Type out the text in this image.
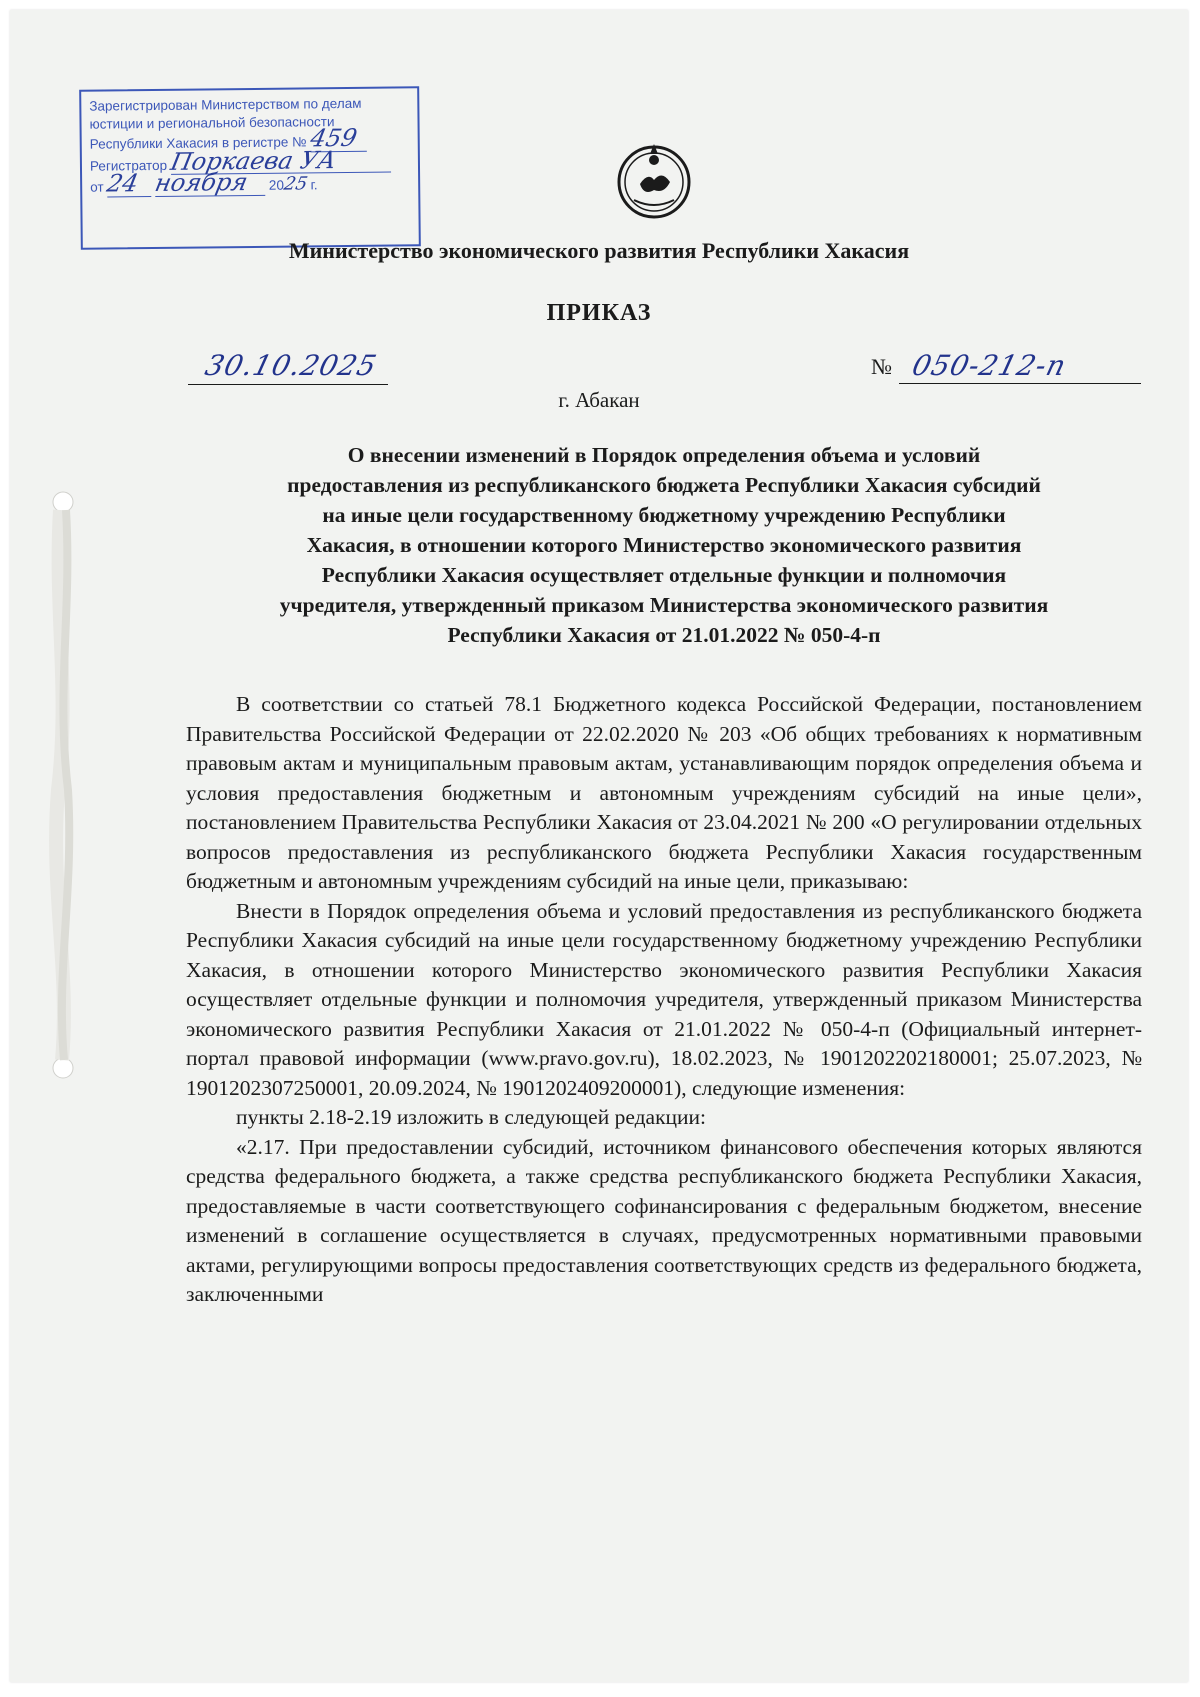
Зарегистрирован Министерством по делам
юстиции и региональной безопасности
Республики Хакасия в регистре № 459
Регистратор Поркаева УА
от 24 ноября 2025 г.
Министерство экономического развития Республики Хакасия
ПРИКАЗ
30.10.2025	№ 050-212-п
г. Абакан
О внесении изменений в Порядок определения объема и условий
предоставления из республиканского бюджета Республики Хакасия субсидий
на иные цели государственному бюджетному учреждению Республики
Хакасия, в отношении которого Министерство экономического развития
Республики Хакасия осуществляет отдельные функции и полномочия
учредителя, утвержденный приказом Министерства экономического развития
Республики Хакасия от 21.01.2022 № 050-4-п

В соответствии со статьей 78.1 Бюджетного кодекса Российской Федерации, постановлением Правительства Российской Федерации от 22.02.2020 № 203 «Об общих требованиях к нормативным правовым актам и муниципальным правовым актам, устанавливающим порядок определения объема и условия предоставления бюджетным и автономным учреждениям субсидий на иные цели», постановлением Правительства Республики Хакасия от 23.04.2021 № 200 «О регулировании отдельных вопросов предоставления из республиканского бюджета Республики Хакасия государственным бюджетным и автономным учреждениям субсидий на иные цели, приказываю:

Внести в Порядок определения объема и условий предоставления из республиканского бюджета Республики Хакасия субсидий на иные цели государственному бюджетному учреждению Республики Хакасия, в отношении которого Министерство экономического развития Республики Хакасия осуществляет отдельные функции и полномочия учредителя, утвержденный приказом Министерства экономического развития Республики Хакасия от 21.01.2022 № 050-4-п (Официальный интернет-портал правовой информации (www.pravo.gov.ru), 18.02.2023, № 1901202202180001; 25.07.2023, № 1901202307250001, 20.09.2024, № 1901202409200001), следующие изменения:

пункты 2.18-2.19 изложить в следующей редакции:

«2.17. При предоставлении субсидий, источником финансового обеспечения которых являются средства федерального бюджета, а также средства республиканского бюджета Республики Хакасия, предоставляемые в части соответствующего софинансирования с федеральным бюджетом, внесение изменений в соглашение осуществляется в случаях, предусмотренных нормативными правовыми актами, регулирующими вопросы предоставления соответствующих средств из федерального бюджета, заключенными
